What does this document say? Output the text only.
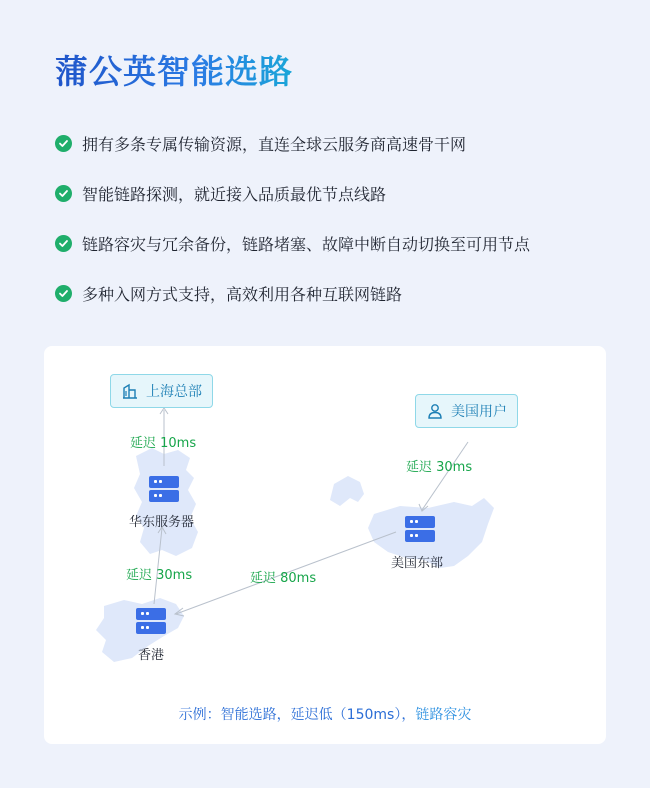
蒲公英智能选路
拥有多条专属传输资源，直连全球云服务商高速骨干网
智能链路探测，就近接入品质最优节点线路
链路容灾与冗余备份，链路堵塞、故障中断自动切换至可用节点
多种入网方式支持，高效利用各种互联网链路
上海总部
美国用户
延迟 10ms
延迟 30ms
延迟 30ms	延迟 80ms
华东服务器
香港
美国东部
示例：智能选路，延迟低（150ms），链路容灾
